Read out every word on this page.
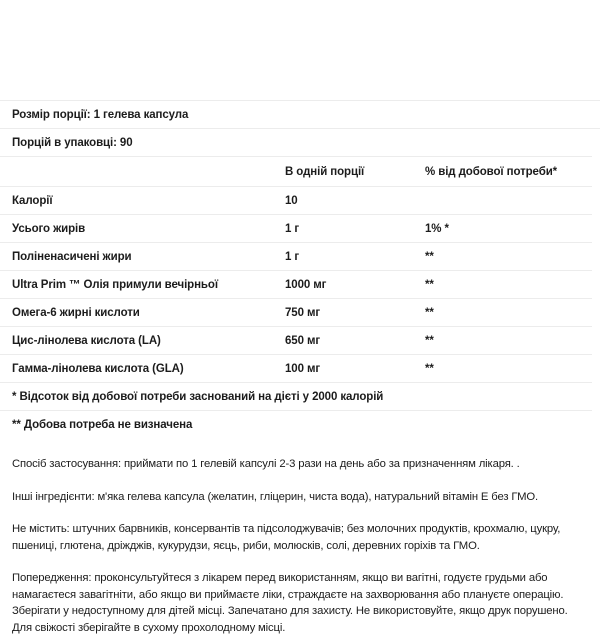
Розмір порції: 1 гелева капсула
Порцій в упаковці: 90
	В одній порції	% від добової потреби*
Калорії	10	
Усього жирів	1 г	1% *
Поліненасичені жири	1 г	**
Ultra Prim ™ Олія примули вечірньої	1000 мг	**
Омега-6 жирні кислоти	750 мг	**
Цис-лінолева кислота (LA)	650 мг	**
Гамма-лінолева кислота (GLA)	100 мг	**
* Відсоток від добової потреби заснований на дієті у 2000 калорій		
** Добова потреба не визначена		

Спосіб застосування: приймати по 1 гелевій капсулі 2-3 рази на день або за призначенням лікаря. .

Інші інгредієнти: м'яка гелева капсула (желатин, гліцерин, чиста вода), натуральний вітамін Е без ГМО.

Не містить: штучних барвників, консервантів та підсолоджувачів; без молочних продуктів, крохмалю, цукру, пшениці, глютена, дріжджів, кукурудзи, яєць, риби, молюсків, солі, деревних горіхів та ГМО.

Попередження: проконсультуйтеся з лікарем перед використанням, якщо ви вагітні, годуєте грудьми або намагаєтеся завагітніти, або якщо ви приймаєте ліки, страждаєте на захворювання або плануєте операцію. Зберігати у недоступному для дітей місці. Запечатано для захисту. Не використовуйте, якщо друк порушено. Для свіжості зберігайте в сухому прохолодному місці.
